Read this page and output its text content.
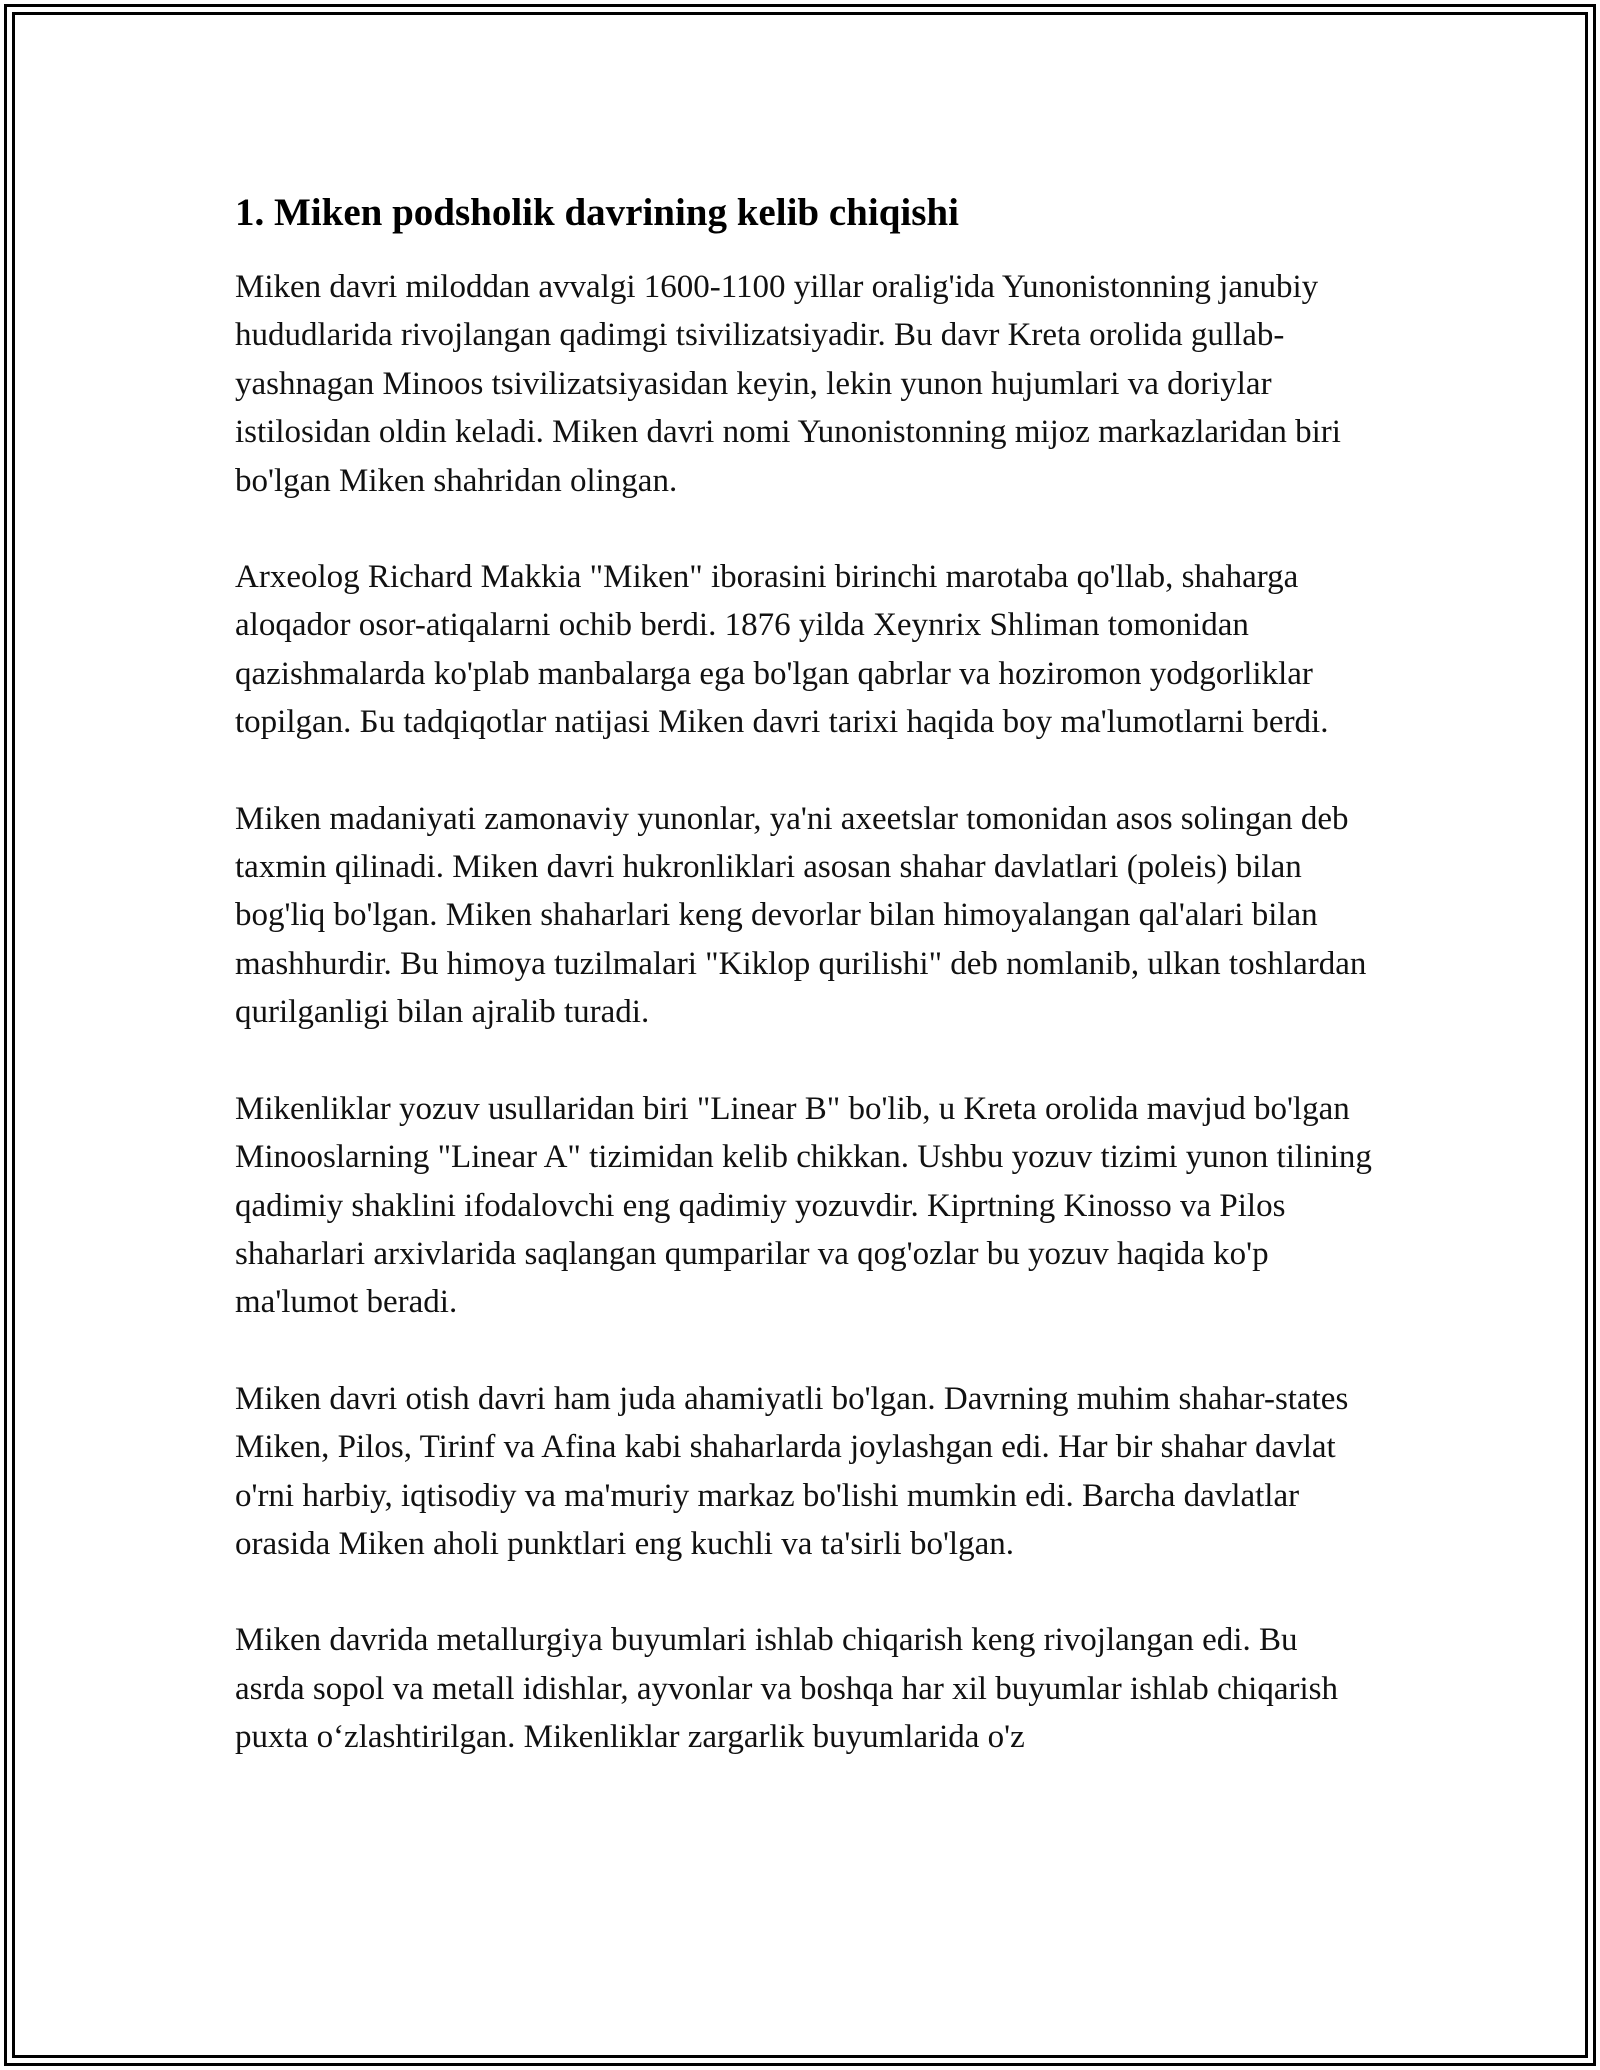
1. Miken podsholik davrining kelib chiqishi

Miken davri miloddan avvalgi 1600-1100 yillar oralig'ida Yunonistonning janubiy hududlarida rivojlangan qadimgi tsivilizatsiyadir. Bu davr Kreta orolida gullab-yashnagan Minoos tsivilizatsiyasidan keyin, lekin yunon hujumlari va doriylar istilosidan oldin keladi. Miken davri nomi Yunonistonning mijoz markazlaridan biri bo'lgan Miken shahridan olingan.

Arxeolog Richard Makkia "Miken" iborasini birinchi marotaba qo'llab, shaharga aloqador osor-atiqalarni ochib berdi. 1876 yilda Xeynrix Shliman tomonidan qazishmalarda ko'plab manbalarga ega bo'lgan qabrlar va hoziromon yodgorliklar topilgan. Бu tadqiqotlar natijasi Miken davri tarixi haqida boy ma'lumotlarni berdi.

Miken madaniyati zamonaviy yunonlar, ya'ni axeetslar tomonidan asos solingan deb taxmin qilinadi. Miken davri hukronliklari asosan shahar davlatlari (poleis) bilan bog'liq bo'lgan. Miken shaharlari keng devorlar bilan himoyalangan qal'alari bilan mashhurdir. Bu himoya tuzilmalari "Kiklop qurilishi" deb nomlanib, ulkan toshlardan qurilganligi bilan ajralib turadi.

Mikenliklar yozuv usullaridan biri "Linear B" bo'lib, u Kreta orolida mavjud bo'lgan Minooslarning "Linear A" tizimidan kelib chikkan. Ushbu yozuv tizimi yunon tilining qadimiy shaklini ifodalovchi eng qadimiy yozuvdir. Kiprtning Kinosso va Pilos shaharlari arxivlarida saqlangan qumparilar va qog'ozlar bu yozuv haqida ko'p ma'lumot beradi.

Miken davri otish davri ham juda ahamiyatli bo'lgan. Davrning muhim shahar-states Miken, Pilos, Tirinf va Afina kabi shaharlarda joylashgan edi. Har bir shahar davlat o'rni harbiy, iqtisodiy va ma'muriy markaz bo'lishi mumkin edi. Barcha davlatlar orasida Miken aholi punktlari eng kuchli va ta'sirli bo'lgan.

Miken davrida metallurgiya buyumlari ishlab chiqarish keng rivojlangan edi. Bu asrda sopol va metall idishlar, ayvonlar va boshqa har xil buyumlar ishlab chiqarish puxta o‘zlashtirilgan. Mikenliklar zargarlik buyumlarida o'z
